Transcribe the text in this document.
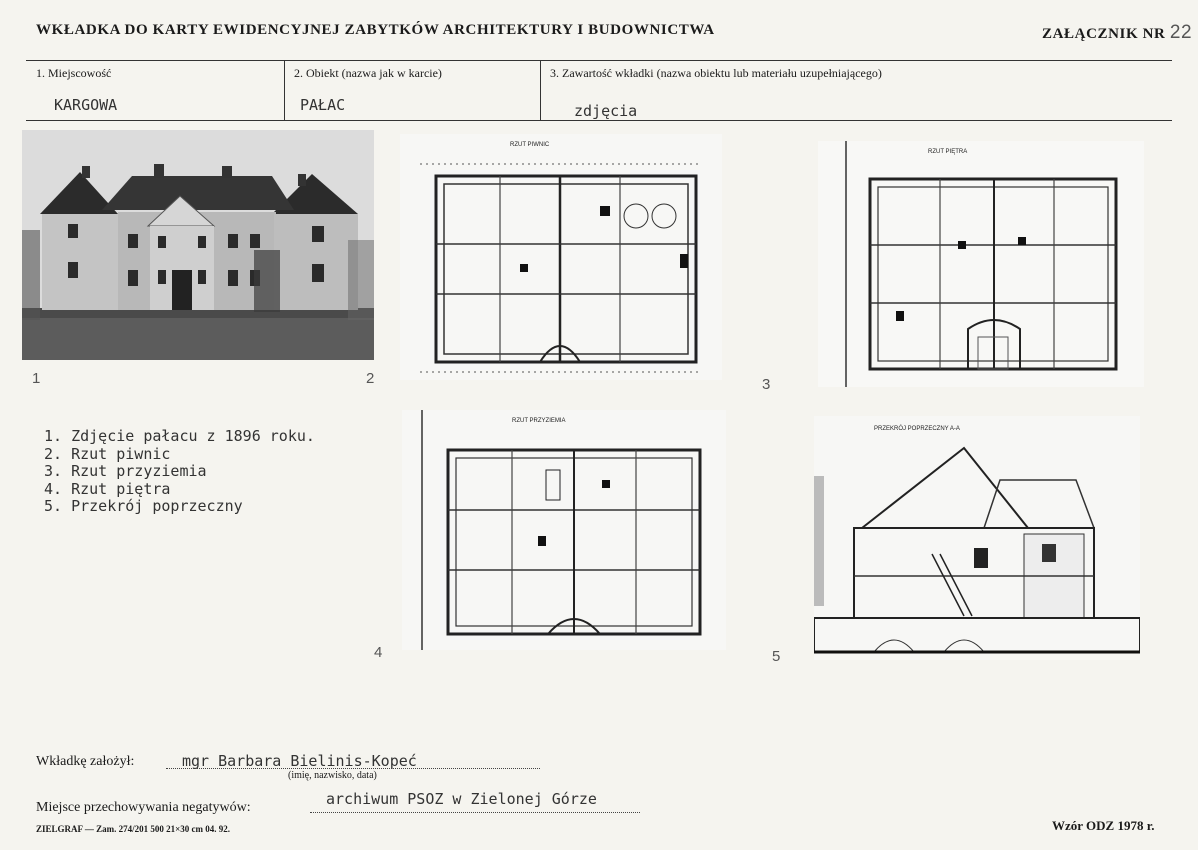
WKŁADKA DO KARTY EWIDENCYJNEJ ZABYTKÓW ARCHITEKTURY I BUDOWNICTWA	ZAŁĄCZNIK NR 22
1. Miejscowość
KARGOWA
2. Obiekt (nazwa jak w karcie)
PAŁAC
3. Zawartość wkładki (nazwa obiektu lub materiału uzupełniającego)
zdjęcia
RZUT PIWNIC
RZUT PIĘTRA
RZUT PRZYZIEMIA
PRZEKRÓJ POPRZECZNY A-A
1	2	3
4	5
1. Zdjęcie pałacu z 1896 roku.
2. Rzut piwnic
3. Rzut przyziemia
4. Rzut piętra
5. Przekrój poprzeczny
Wkładkę założył:	mgr Barbara Bielinis-Kopeć
(imię, nazwisko, data)
Miejsce przechowywania negatywów:	archiwum PSOZ w Zielonej Górze
ZIELGRAF — Zam. 274/201 500 21×30 cm 04. 92.	Wzór ODZ 1978 r.
